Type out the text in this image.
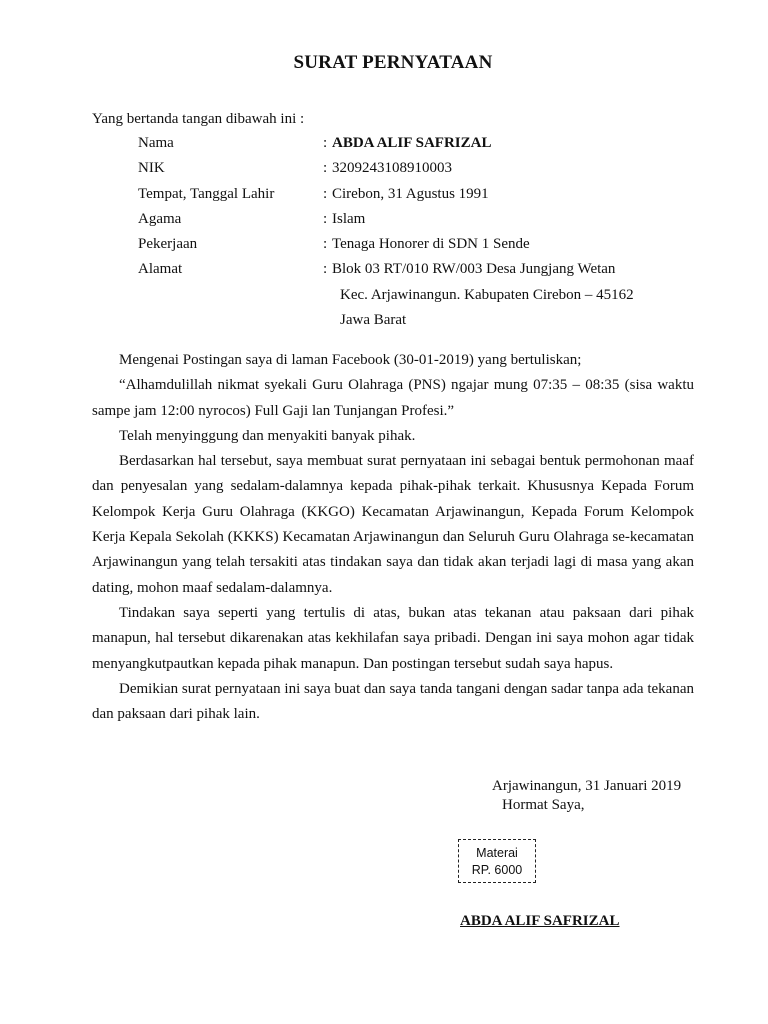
SURAT PERNYATAAN
Yang bertanda tangan dibawah ini :
Nama	: ABDA ALIF SAFRIZAL
NIK	: 3209243108910003
Tempat, Tanggal Lahir	: Cirebon, 31 Agustus 1991
Agama	: Islam
Pekerjaan	: Tenaga Honorer di SDN 1 Sende
Alamat	: Blok 03 RT/010 RW/003 Desa Jungjang Wetan
Kec. Arjawinangun. Kabupaten Cirebon – 45162
Jawa Barat

Mengenai Postingan saya di laman Facebook (30-01-2019) yang bertuliskan;

“Alhamdulillah nikmat syekali Guru Olahraga (PNS) ngajar mung 07:35 – 08:35 (sisa waktu sampe jam 12:00 nyrocos) Full Gaji lan Tunjangan Profesi.”

Telah menyinggung dan menyakiti banyak pihak.

Berdasarkan hal tersebut, saya membuat surat pernyataan ini sebagai bentuk permohonan maaf dan penyesalan yang sedalam-dalamnya kepada pihak-pihak terkait. Khususnya Kepada Forum Kelompok Kerja Guru Olahraga (KKGO) Kecamatan Arjawinangun, Kepada Forum Kelompok Kerja Kepala Sekolah (KKKS) Kecamatan Arjawinangun dan Seluruh Guru Olahraga se-kecamatan Arjawinangun yang telah tersakiti atas tindakan saya dan tidak akan terjadi lagi di masa yang akan dating, mohon maaf sedalam-dalamnya.

Tindakan saya seperti yang tertulis di atas, bukan atas tekanan atau paksaan dari pihak manapun, hal tersebut dikarenakan atas kekhilafan saya pribadi. Dengan ini saya mohon agar tidak menyangkutpautkan kepada pihak manapun. Dan postingan tersebut sudah saya hapus.

Demikian surat pernyataan ini saya buat dan saya tanda tangani dengan sadar tanpa ada tekanan dan paksaan dari pihak lain.

Arjawinangun, 31 Januari 2019
Hormat Saya,
Materai
RP. 6000
ABDA ALIF SAFRIZAL
